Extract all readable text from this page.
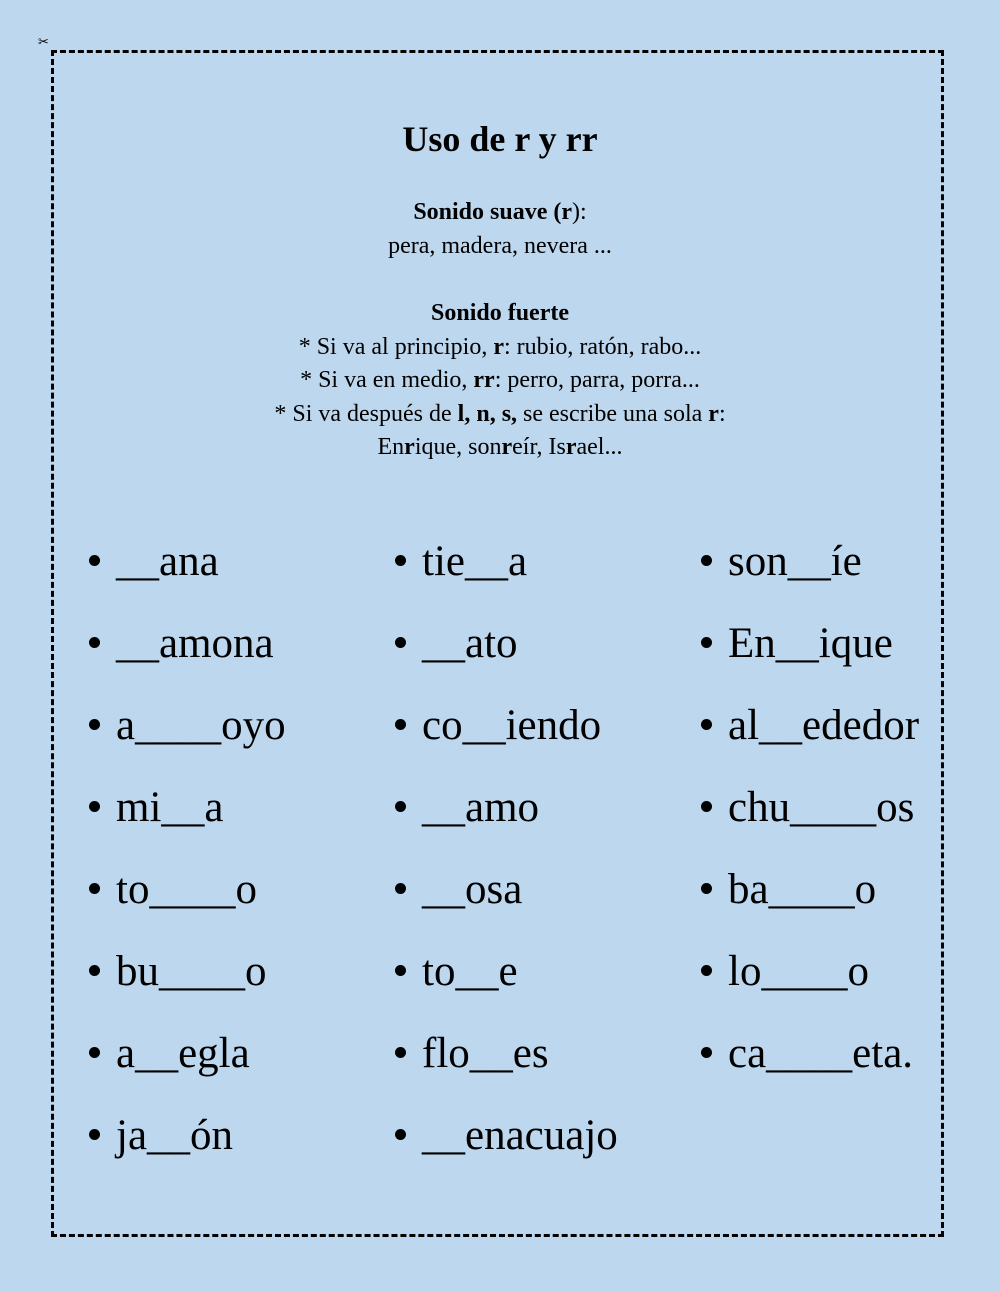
✂
Uso de r y rr
Sonido suave (r):
pera, madera, nevera ...
Sonido fuerte
* Si va al principio, r: rubio, ratón, rabo...
* Si va en medio, rr: perro, parra, porra...
* Si va después de l, n, s, se escribe una sola r:
Enrique, sonreír, Israel...
__ana
__amona
a____oyo
mi__a
to____o
bu____o
a__egla
ja__ón
tie__a
__ato
co__iendo
__amo
__osa
to__e
flo__es
__enacuajo
son__íe
En__ique
al__ededor
chu____os
ba____o
lo____o
ca____eta.
